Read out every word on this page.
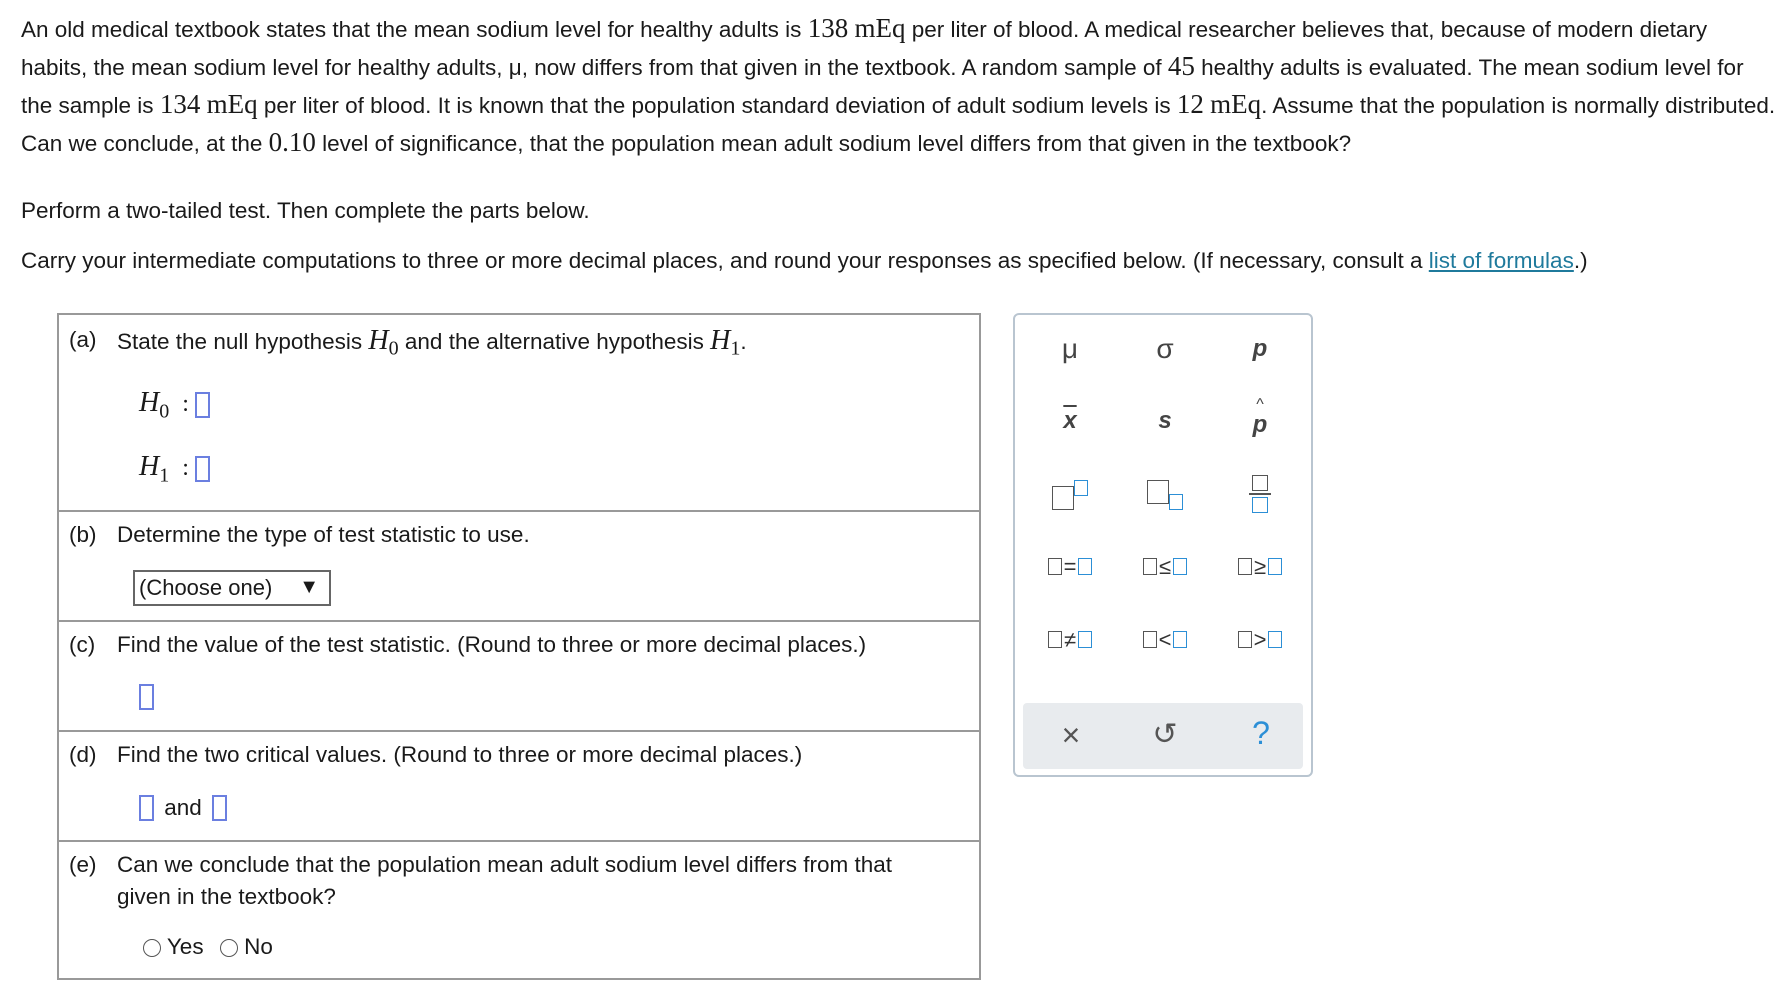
An old medical textbook states that the mean sodium level for healthy adults is 138 mEq per liter of blood. A medical researcher believes that, because of modern dietary habits, the mean sodium level for healthy adults, μ, now differs from that given in the textbook. A random sample of 45 healthy adults is evaluated. The mean sodium level for the sample is 134 mEq per liter of blood. It is known that the population standard deviation of adult sodium levels is 12 mEq. Assume that the population is normally distributed. Can we conclude, at the 0.10 level of significance, that the population mean adult sodium level differs from that given in the textbook?

Perform a two-tailed test. Then complete the parts below.
Carry your intermediate computations to three or more decimal places, and round your responses as specified below. (If necessary, consult a list of formulas.)
(a) State the null hypothesis $H_0$ and the alternative hypothesis $H_1$.
$H_0$ :
$H_1$ :
(b) Determine the type of test statistic to use.
(Choose one) ▼
(c) Find the value of the test statistic. (Round to three or more decimal places.)
(d) Find the two critical values. (Round to three or more decimal places.)
and
(e) Can we conclude that the population mean adult sodium level differs from that given in the textbook?
Yes No
μ	σ	p
$\overline{x}$	s
^
p
=	≤	≥
≠	<	>
×	↺	?
